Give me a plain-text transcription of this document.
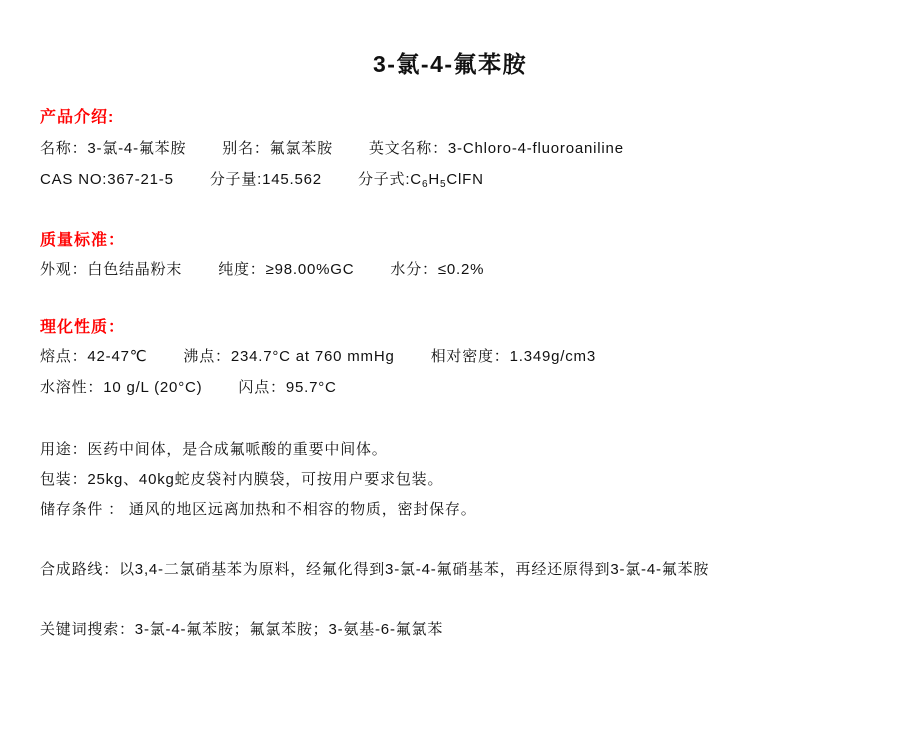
3-氯-4-氟苯胺
产品介绍:
名称：3-氯-4-氟苯胺 别名：氟氯苯胺 英文名称：3-Chloro-4-fluoroaniline
CAS NO:367-21-5 分子量:145.562 分子式$:C_6H_5ClFN$
质量标准：
外观：白色结晶粉末 纯度：≥98.00%GC 水分：≤0.2%
理化性质：
熔点：42-47℃ 沸点：234.7°C at 760 mmHg 相对密度：1.349g/cm3
水溶性：10 g/L (20°C) 闪点：95.7°C
用途：医药中间体，是合成氟哌酸的重要中间体。
包装：25kg、40kg蛇皮袋衬内膜袋，可按用户要求包装。
储存条件 ： 通风的地区远离加热和不相容的物质，密封保存。
合成路线：以3,4-二氯硝基苯为原料，经氟化得到3-氯-4-氟硝基苯，再经还原得到3-氯-4-氟苯胺
关键词搜索：3-氯-4-氟苯胺；氟氯苯胺；3-氨基-6-氟氯苯
